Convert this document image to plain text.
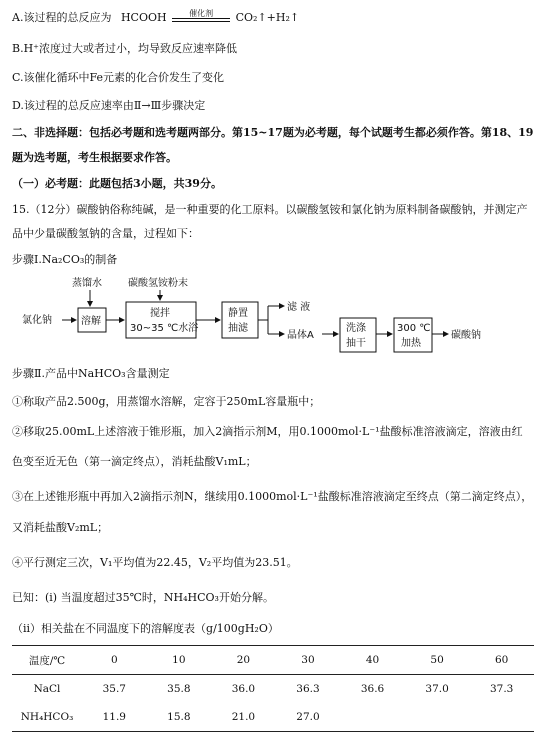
A.该过程的总反应为 HCOOH	催化剂	CO₂↑+H₂↑
B.H⁺浓度过大或者过小，均导致反应速率降低
C.该催化循环中Fe元素的化合价发生了变化
D.该过程的总反应速率由Ⅱ→Ⅲ步骤决定
二、非选择题：包括必考题和选考题两部分。第15~17题为必考题，每个试题考生都必须作答。第18、19
题为选考题，考生根据要求作答。
（一）必考题：此题包括3小题，共39分。
15.（12分）碳酸钠俗称纯碱，是一种重要的化工原料。以碳酸氢铵和氯化钠为原料制备碳酸钠，并测定产
品中少量碳酸氢钠的含量，过程如下：
步骤Ⅰ.Na₂CO₃的制备
蒸馏水	碳酸氢铵粉末
氯化钠	溶解
搅拌
30~35 ℃水浴
静置
抽滤
滤 液
晶体A
洗涤
抽干
300 ℃
加热
碳酸钠
步骤Ⅱ.产品中NaHCO₃含量测定
①称取产品2.500g，用蒸馏水溶解，定容于250mL容量瓶中；
②移取25.00mL上述溶液于锥形瓶，加入2滴指示剂M，用0.1000mol·L⁻¹盐酸标准溶液滴定，溶液由红
色变至近无色（第一滴定终点），消耗盐酸V₁mL；
③在上述锥形瓶中再加入2滴指示剂N，继续用0.1000mol·L⁻¹盐酸标准溶液滴定至终点（第二滴定终点），
又消耗盐酸V₂mL；
④平行测定三次，V₁平均值为22.45，V₂平均值为23.51。
已知：(i) 当温度超过35℃时，NH₄HCO₃开始分解。
（ii）相关盐在不同温度下的溶解度表（g/100gH₂O）
温度/℃	0	10	20	30	40	50	60
NaCl	35.7	35.8	36.0	36.3	36.6	37.0	37.3
NH₄HCO₃	11.9	15.8	21.0	27.0			
